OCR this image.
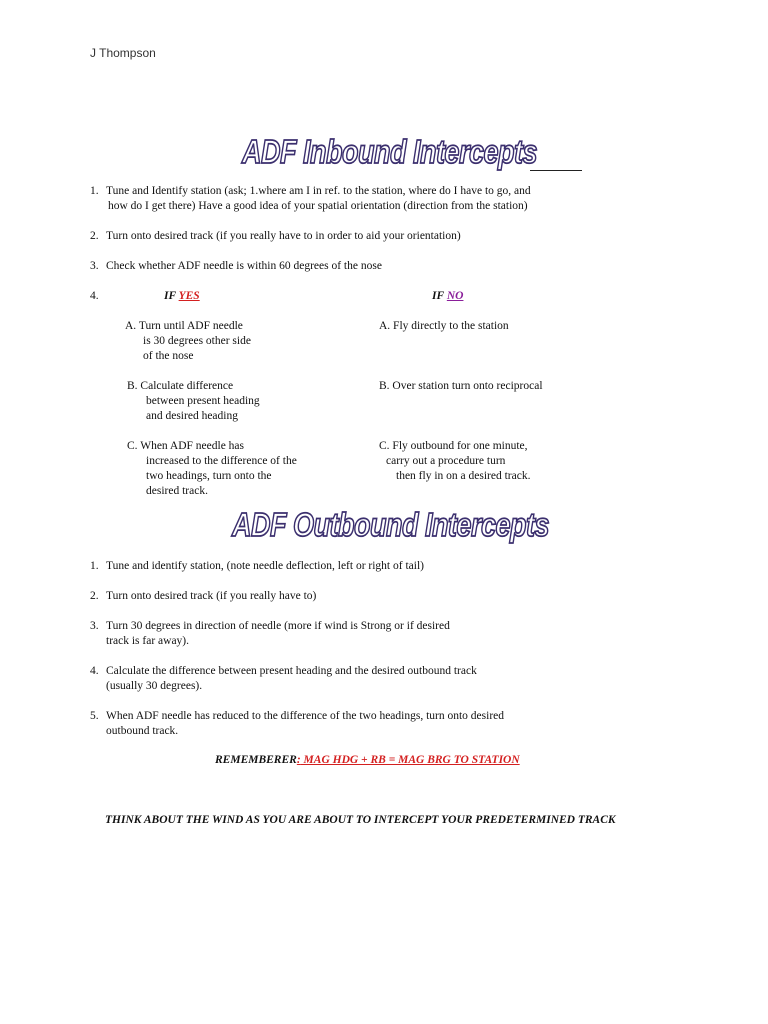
J Thompson
ADF Inbound Intercepts
1. Tune and Identify station (ask; 1.where am I in ref. to the station, where do I have to go, and
how do I get there) Have a good idea of your spatial orientation (direction from the station)
2. Turn onto desired track (if you really have to in order to aid your orientation)
3. Check whether ADF needle is within 60 degrees of the nose
4.	IF YES	IF NO
A. Turn until ADF needle
is 30 degrees other side
of the nose
B. Calculate difference
between present heading
and desired heading
C. When ADF needle has
increased to the difference of the
two headings, turn onto the
desired track.
A. Fly directly to the station
B. Over station turn onto reciprocal
C. Fly outbound for one minute,
carry out a procedure turn
then fly in on a desired track.
ADF Outbound Intercepts
1. Tune and identify station, (note needle deflection, left or right of tail)
2. Turn onto desired track (if you really have to)
3. Turn 30 degrees in direction of needle (more if wind is Strong or if desired
track is far away).
4. Calculate the difference between present heading and the desired outbound track
(usually 30 degrees).
5. When ADF needle has reduced to the difference of the two headings, turn onto desired
outbound track.
REMEMBERER: MAG HDG + RB = MAG BRG TO STATION
THINK ABOUT THE WIND AS YOU ARE ABOUT TO INTERCEPT YOUR PREDETERMINED TRACK
